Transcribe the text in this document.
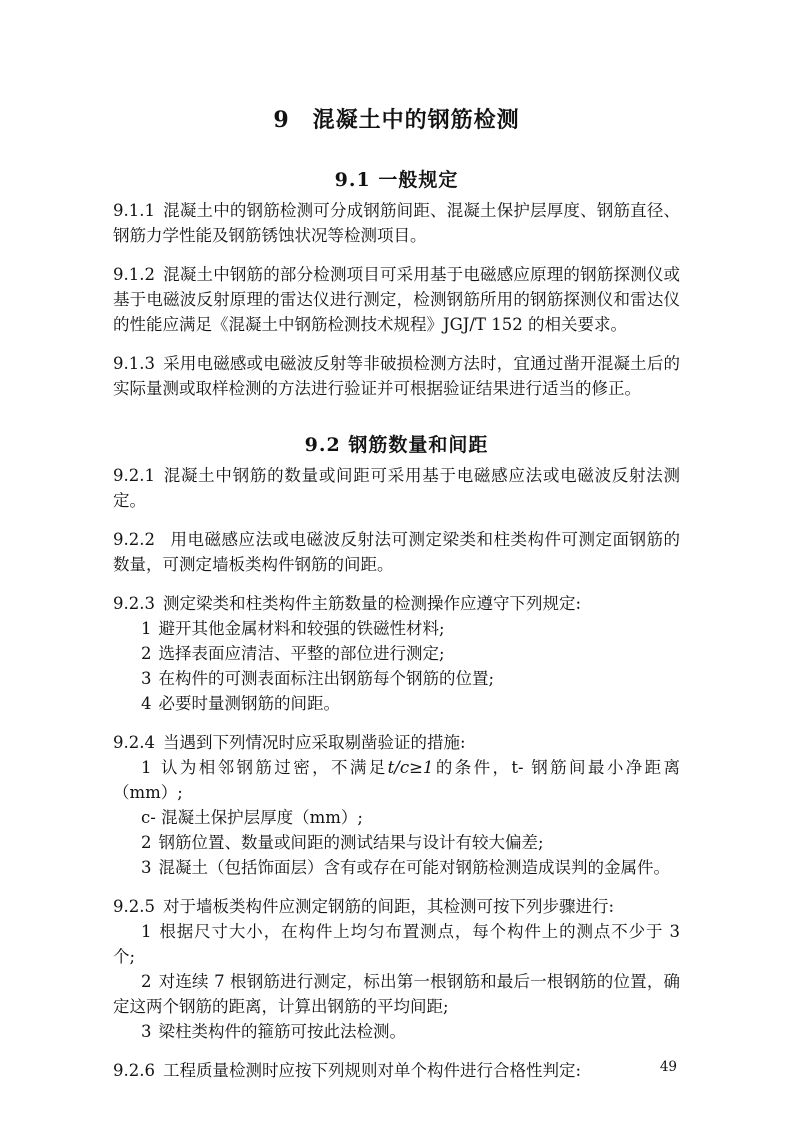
9　混凝土中的钢筋检测
9.1 一般规定

9.1.1 混凝土中的钢筋检测可分成钢筋间距、混凝土保护层厚度、钢筋直径、钢筋力学性能及钢筋锈蚀状况等检测项目。

9.1.2 混凝土中钢筋的部分检测项目可采用基于电磁感应原理的钢筋探测仪或基于电磁波反射原理的雷达仪进行测定，检测钢筋所用的钢筋探测仪和雷达仪的性能应满足《混凝土中钢筋检测技术规程》JGJ/T 152 的相关要求。

9.1.3 采用电磁感或电磁波反射等非破损检测方法时，宜通过凿开混凝土后的实际量测或取样检测的方法进行验证并可根据验证结果进行适当的修正。

9.2 钢筋数量和间距

9.2.1 混凝土中钢筋的数量或间距可采用基于电磁感应法或电磁波反射法测定。

9.2.2 用电磁感应法或电磁波反射法可测定梁类和柱类构件可测定面钢筋的数量，可测定墙板类构件钢筋的间距。

9.2.3 测定梁类和柱类构件主筋数量的检测操作应遵守下列规定:

1 避开其他金属材料和较强的铁磁性材料;

2 选择表面应清洁、平整的部位进行测定;

3 在构件的可测表面标注出钢筋每个钢筋的位置;

4 必要时量测钢筋的间距。

9.2.4 当遇到下列情况时应采取剔凿验证的措施:

1 认为相邻钢筋过密，不满足t/c≥1的条件，t- 钢筋间最小净距离（mm）;
c- 混凝土保护层厚度（mm）;

2 钢筋位置、数量或间距的测试结果与设计有较大偏差;

3 混凝土（包括饰面层）含有或存在可能对钢筋检测造成误判的金属件。

9.2.5 对于墙板类构件应测定钢筋的间距，其检测可按下列步骤进行:

1 根据尺寸大小，在构件上均匀布置测点，每个构件上的测点不少于 3 个;

2 对连续 7 根钢筋进行测定，标出第一根钢筋和最后一根钢筋的位置，确定这两个钢筋的距离，计算出钢筋的平均间距;

3 梁柱类构件的箍筋可按此法检测。

9.2.6 工程质量检测时应按下列规则对单个构件进行合格性判定:	49
